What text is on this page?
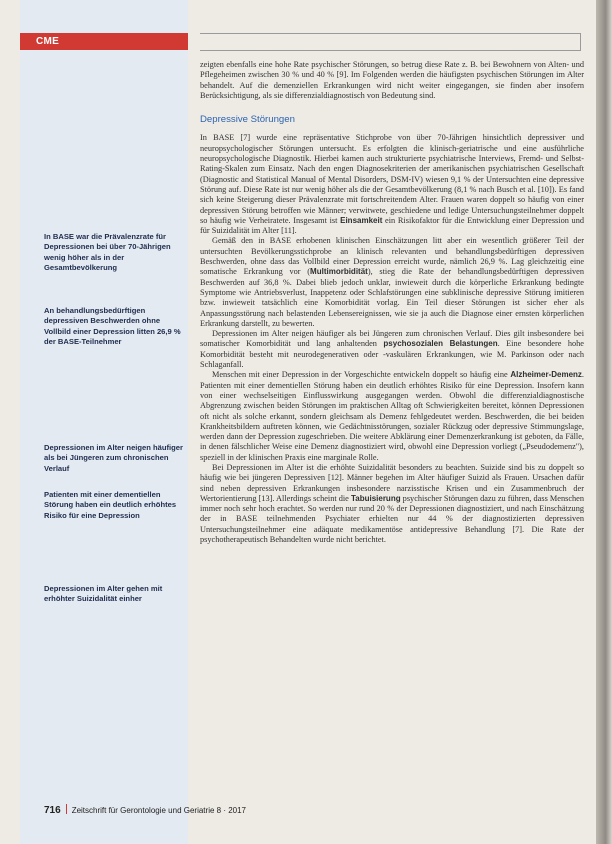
CME
In BASE war die Prävalenzrate für Depressionen bei über 70-Jährigen wenig höher als in der Gesamtbevölkerung
An behandlungsbedürftigen depressiven Beschwerden ohne Vollbild einer Depression litten 26,9 % der BASE-Teilnehmer
Depressionen im Alter neigen häufiger als bei Jüngeren zum chronischen Verlauf
Patienten mit einer dementiellen Störung haben ein deutlich erhöhtes Risiko für eine Depression
Depressionen im Alter gehen mit erhöhter Suizidalität einher

zeigten ebenfalls eine hohe Rate psychischer Störungen, so betrug diese Rate z. B. bei Bewohnern von Alten- und Pflegeheimen zwischen 30 % und 40 % [9]. Im Folgenden werden die häufigsten psychischen Störungen im Alter behandelt. Auf die demenziellen Erkrankungen wird nicht weiter eingegangen, sie finden aber insofern Berücksichtigung, als sie differenzialdiagnostisch von Bedeutung sind.

Depressive Störungen

In BASE [7] wurde eine repräsentative Stichprobe von über 70-Jährigen hinsichtlich depressiver und neuropsychologischer Störungen untersucht. Es erfolgten die klinisch-geriatrische und eine ausführliche neuropsychologische Diagnostik. Hierbei kamen auch strukturierte psychiatrische Interviews, Fremd- und Selbst-Rating-Skalen zum Einsatz. Nach den engen Diagnosekriterien der amerikanischen psychiatrischen Gesellschaft (Diagnostic and Statistical Manual of Mental Disorders, DSM-IV) wiesen 9,1 % der Untersuchten eine depressive Störung auf. Diese Rate ist nur wenig höher als die der Gesamtbevölkerung (8,1 % nach Busch et al. [10]). Es fand sich keine Steigerung dieser Prävalenzrate mit fortschreitendem Alter. Frauen waren doppelt so häufig von einer depressiven Störung betroffen wie Männer; verwitwete, geschiedene und ledige Untersuchungsteilnehmer doppelt so häufig wie Verheiratete. Insgesamt ist Einsamkeit ein Risikofaktor für die Entwicklung einer Depression und für Suizidalität im Alter [11].

Gemäß den in BASE erhobenen klinischen Einschätzungen litt aber ein wesentlich größerer Teil der untersuchten Bevölkerungsstichprobe an klinisch relevanten und behandlungsbedürftigen depressiven Beschwerden, ohne dass das Vollbild einer Depression erreicht wurde, nämlich 26,9 %. Lag gleichzeitig eine somatische Erkrankung vor (Multimorbidität), stieg die Rate der behandlungsbedürftigen depressiven Beschwerden auf 36,8 %. Dabei blieb jedoch unklar, inwieweit durch die körperliche Erkrankung bedingte Symptome wie Antriebsverlust, Inappetenz oder Schlafstörungen eine subklinische depressive Störung imitieren bzw. inwieweit tatsächlich eine Komorbidität vorlag. Ein Teil dieser Störungen ist sicher eher als Anpassungsstörung nach belastenden Lebensereignissen, wie sie ja auch die Diagnose einer ernsten körperlichen Erkrankung darstellt, zu bewerten.

Depressionen im Alter neigen häufiger als bei Jüngeren zum chronischen Verlauf. Dies gilt insbesondere bei somatischer Komorbidität und lang anhaltenden psychosozialen Belastungen. Eine besondere hohe Komorbidität besteht mit neurodegenerativen oder -vaskulären Erkrankungen, wie M. Parkinson oder nach Schlaganfall.

Menschen mit einer Depression in der Vorgeschichte entwickeln doppelt so häufig eine Alzheimer-Demenz. Patienten mit einer dementiellen Störung haben ein deutlich erhöhtes Risiko für eine Depression. Insofern kann von einer wechselseitigen Einflusswirkung ausgegangen werden. Obwohl die differenzialdiagnostische Abgrenzung zwischen beiden Störungen im praktischen Alltag oft Schwierigkeiten bereitet, können Depressionen oft nicht als solche erkannt, sondern gleichsam als Demenz fehlgedeutet werden. Beschwerden, die bei beiden Krankheitsbildern auftreten können, wie Gedächtnisstörungen, sozialer Rückzug oder depressive Stimmungslage, werden dann der Depression zugeschrieben. Die weitere Abklärung einer Demenzerkrankung ist geboten, da Fälle, in denen fälschlicher Weise eine Demenz diagnostiziert wird, obwohl eine Depression vorliegt („Pseudodemenz"), speziell in der klinischen Praxis eine marginale Rolle.

Bei Depressionen im Alter ist die erhöhte Suizidalität besonders zu beachten. Suizide sind bis zu doppelt so häufig wie bei jüngeren Depressiven [12]. Männer begehen im Alter häufiger Suizid als Frauen. Ursachen dafür sind neben depressiven Erkrankungen insbesondere narzisstische Krisen und ein Zusammenbruch der Wertorientierung [13]. Allerdings scheint die Tabuisierung psychischer Störungen dazu zu führen, dass Menschen immer noch sehr hoch erachtet. So werden nur rund 20 % der Depressionen diagnostiziert, und nach Einschätzung der in BASE teilnehmenden Psychiater erhielten nur 44 % der diagnostizierten depressiven Untersuchungsteilnehmer eine adäquate medikamentöse antidepressive Behandlung [7]. Die Rate der psychotherapeutisch Behandelten wurde nicht berichtet.

716 Zeitschrift für Gerontologie und Geriatrie 8 · 2017
